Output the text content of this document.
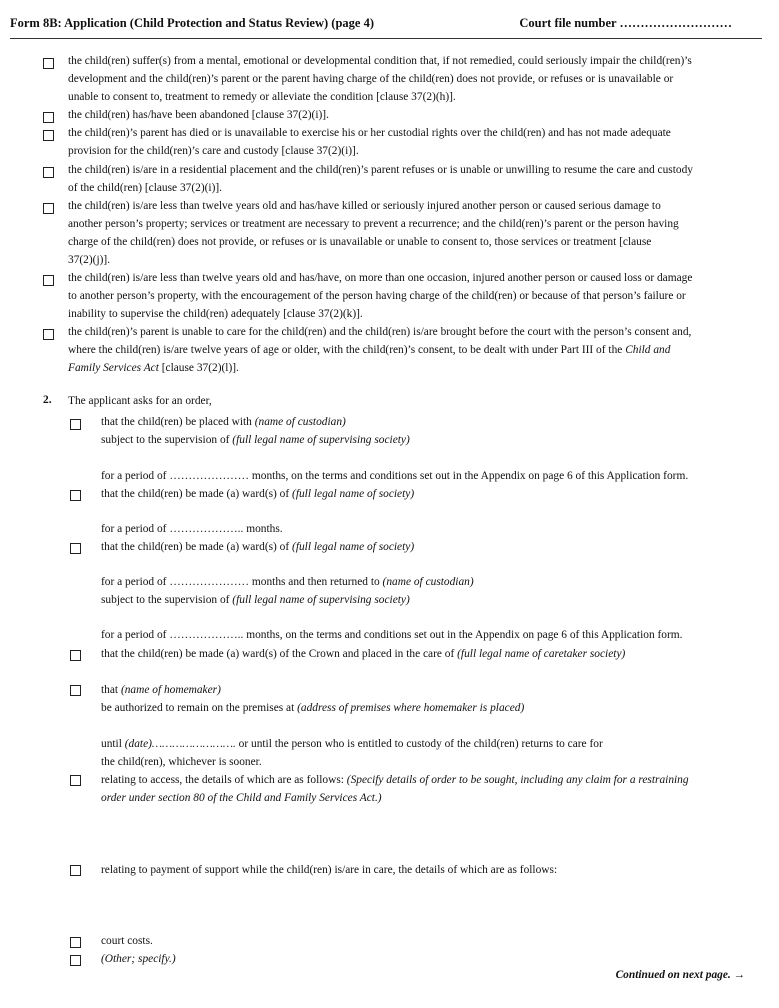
Form 8B: Application (Child Protection and Status Review) (page 4)	Court file number ………………………
the child(ren) suffer(s) from a mental, emotional or developmental condition that, if not remedied, could seriously impair the child(ren)’s
development and the child(ren)’s parent or the parent having charge of the child(ren) does not provide, or refuses or is unavailable or
unable to consent to, treatment to remedy or alleviate the condition [clause 37(2)(h)].
the child(ren) has/have been abandoned [clause 37(2)(i)].
the child(ren)’s parent has died or is unavailable to exercise his or her custodial rights over the child(ren) and has not made adequate
provision for the child(ren)’s care and custody [clause 37(2)(i)].
the child(ren) is/are in a residential placement and the child(ren)’s parent refuses or is unable or unwilling to resume the care and custody
of the child(ren) [clause 37(2)(i)].
the child(ren) is/are less than twelve years old and has/have killed or seriously injured another person or caused serious damage to
another person’s property; services or treatment are necessary to prevent a recurrence; and the child(ren)’s parent or the person having
charge of the child(ren) does not provide, or refuses or is unavailable or unable to consent to, those services or treatment [clause
37(2)(j)].
the child(ren) is/are less than twelve years old and has/have, on more than one occasion, injured another person or caused loss or damage
to another person’s property, with the encouragement of the person having charge of the child(ren) or because of that person’s failure or
inability to supervise the child(ren) adequately [clause 37(2)(k)].
the child(ren)’s parent is unable to care for the child(ren) and the child(ren) is/are brought before the court with the person’s consent and,
where the child(ren) is/are twelve years of age or older, with the child(ren)’s consent, to be dealt with under Part III of the Child and
Family Services Act [clause 37(2)(l)].
2. The applicant asks for an order,
that the child(ren) be placed with (name of custodian)
subject to the supervision of (full legal name of supervising society)
for a period of ………………… months, on the terms and conditions set out in the Appendix on page 6 of this Application form.
that the child(ren) be made (a) ward(s) of (full legal name of society)
for a period of ……………….. months.
that the child(ren) be made (a) ward(s) of (full legal name of society)
for a period of ………………… months and then returned to (name of custodian)
subject to the supervision of (full legal name of supervising society)
for a period of ……………….. months, on the terms and conditions set out in the Appendix on page 6 of this Application form.
that the child(ren) be made (a) ward(s) of the Crown and placed in the care of (full legal name of caretaker society)
that (name of homemaker)
be authorized to remain on the premises at (address of premises where homemaker is placed)
until (date)……………………. or until the person who is entitled to custody of the child(ren) returns to care for
the child(ren), whichever is sooner.
relating to access, the details of which are as follows: (Specify details of order to be sought, including any claim for a restraining
order under section 80 of the Child and Family Services Act.)
relating to payment of support while the child(ren) is/are in care, the details of which are as follows:
court costs.
(Other; specify.)
Continued on next page. →
